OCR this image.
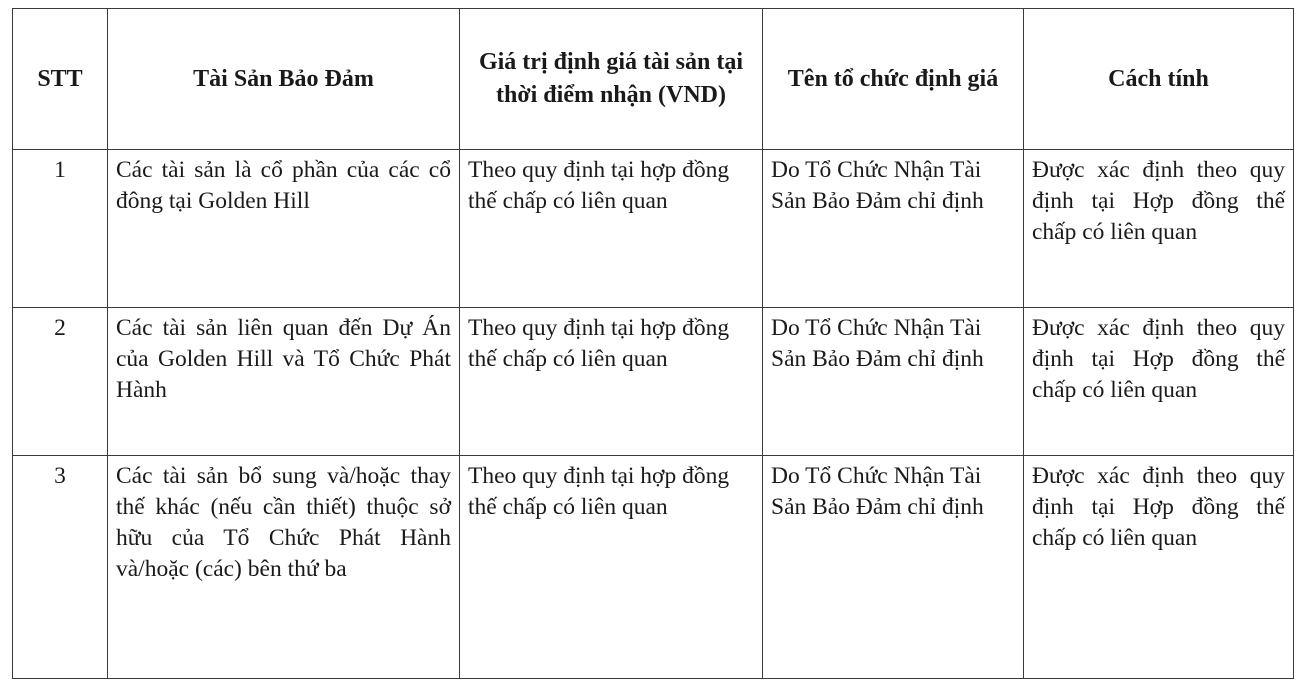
STT	Tài Sản Bảo Đảm	Giá trị định giá tài sản tại thời điểm nhận (VND)	Tên tổ chức định giá	Cách tính
1	Các tài sản là cổ phần của các cổ đông tại Golden Hill	Theo quy định tại hợp đồng thế chấp có liên quan	Do Tổ Chức Nhận Tài Sản Bảo Đảm chỉ định	Được xác định theo quy định tại Hợp đồng thế chấp có liên quan
2	Các tài sản liên quan đến Dự Án của Golden Hill và Tổ Chức Phát Hành	Theo quy định tại hợp đồng thế chấp có liên quan	Do Tổ Chức Nhận Tài Sản Bảo Đảm chỉ định	Được xác định theo quy định tại Hợp đồng thế chấp có liên quan
3	Các tài sản bổ sung và/hoặc thay thế khác (nếu cần thiết) thuộc sở hữu của Tổ Chức Phát Hành và/hoặc (các) bên thứ ba	Theo quy định tại hợp đồng thế chấp có liên quan	Do Tổ Chức Nhận Tài Sản Bảo Đảm chỉ định	Được xác định theo quy định tại Hợp đồng thế chấp có liên quan
